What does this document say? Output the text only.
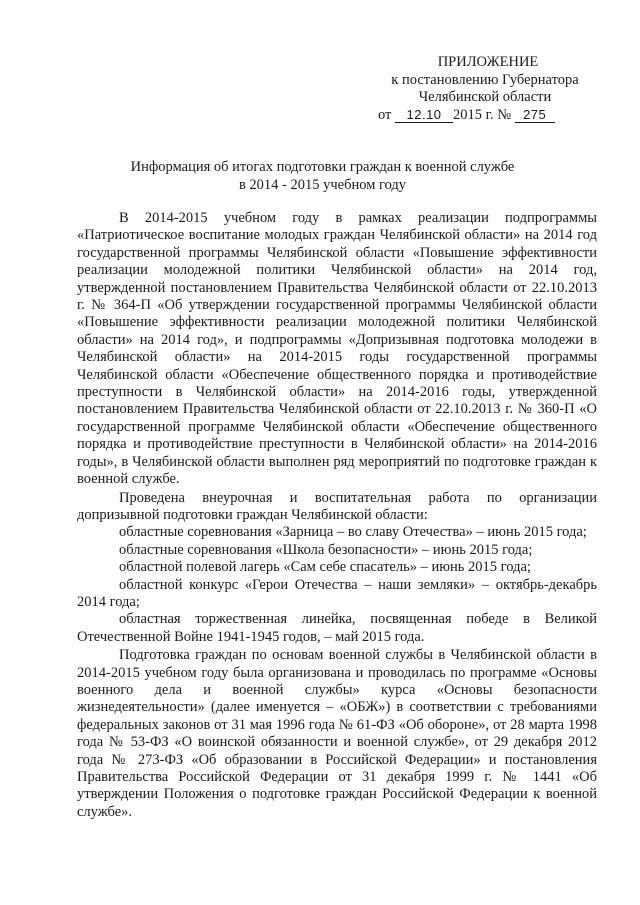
ПРИЛОЖЕНИЕ
к постановлению Губернатора
Челябинской области
от 12.10 2015 г. № 275
Информация об итогах подготовки граждан к военной службе
в 2014 - 2015 учебном году

В 2014-2015 учебном году в рамках реализации подпрограммы «Патриотическое воспитание молодых граждан Челябинской области» на 2014 год государственной программы Челябинской области «Повышение эффективности реализации молодежной политики Челябинской области» на 2014 год, утвержденной постановлением Правительства Челябинской области от 22.10.2013 г. № 364-П «Об утверждении государственной программы Челябинской области «Повышение эффективности реализации молодежной политики Челябинской области» на 2014 год», и подпрограммы «Допризывная подготовка молодежи в Челябинской области» на 2014-2015 годы государственной программы Челябинской области «Обеспечение общественного порядка и противодействие преступности в Челябинской области» на 2014-2016 годы, утвержденной постановлением Правительства Челябинской области от 22.10.2013 г. № 360-П «О государственной программе Челябинской области «Обеспечение общественного порядка и противодействие преступности в Челябинской области» на 2014-2016 годы», в Челябинской области выполнен ряд мероприятий по подготовке граждан к военной службе.

Проведена внеурочная и воспитательная работа по организации допризывной подготовки граждан Челябинской области:

областные соревнования «Зарница – во славу Отечества» – июнь 2015 года;

областные соревнования «Школа безопасности» – июнь 2015 года;

областной полевой лагерь «Сам себе спасатель» – июнь 2015 года;

областной конкурс «Герои Отечества – наши земляки» – октябрь-декабрь 2014 года;

областная торжественная линейка, посвященная победе в Великой Отечественной Войне 1941-1945 годов, – май 2015 года.

Подготовка граждан по основам военной службы в Челябинской области в 2014-2015 учебном году была организована и проводилась по программе «Основы военного дела и военной службы» курса «Основы безопасности жизнедеятельности» (далее именуется – «ОБЖ») в соответствии с требованиями федеральных законов от 31 мая 1996 года № 61-ФЗ «Об обороне», от 28 марта 1998 года № 53-ФЗ «О воинской обязанности и военной службе», от 29 декабря 2012 года № 273-ФЗ «Об образовании в Российской Федерации» и постановления Правительства Российской Федерации от 31 декабря 1999 г. № 1441 «Об утверждении Положения о подготовке граждан Российской Федерации к военной службе».
